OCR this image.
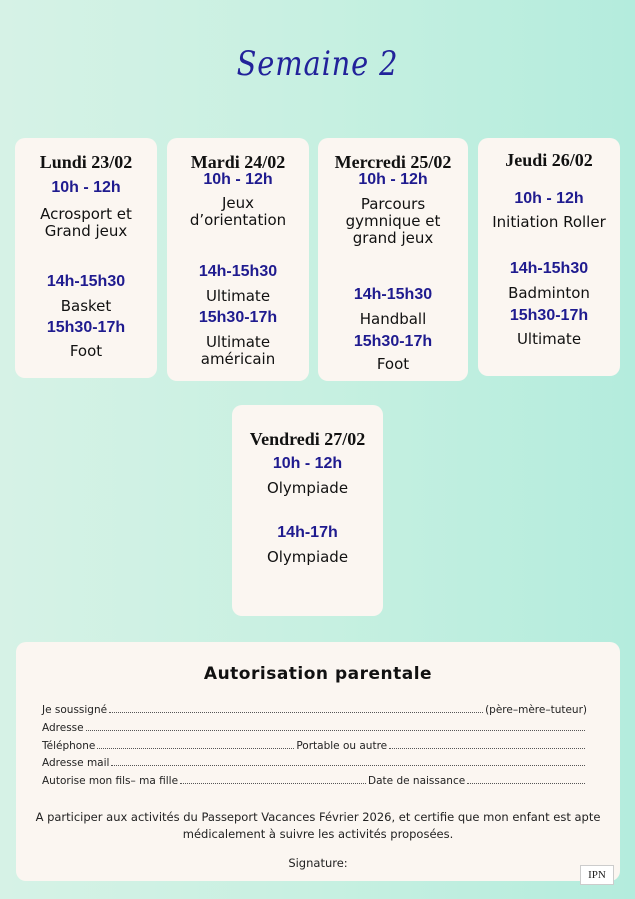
Semaine 2
Lundi 23/02
10h - 12h
Acrosport et
Grand jeux
14h-15h30
Basket
15h30-17h
Foot
Mardi 24/02
10h - 12h
Jeux
d’orientation
14h-15h30
Ultimate
15h30-17h
Ultimate
américain
Mercredi 25/02
10h - 12h
Parcours
gymnique et
grand jeux
14h-15h30
Handball
15h30-17h
Foot
Jeudi 26/02
10h - 12h
Initiation Roller
14h-15h30
Badminton
15h30-17h
Ultimate
Vendredi 27/02
10h - 12h
Olympiade
14h-17h
Olympiade
Autorisation parentale
Je soussigné	(père–mère–tuteur)
Adresse
Téléphone	Portable ou autre
Adresse mail
Autorise mon fils– ma fille	Date de naissance
A participer aux activités du Passeport Vacances Février 2026, et certifie que mon enfant est apte
médicalement à suivre les activités proposées.
Signature:
IPN
